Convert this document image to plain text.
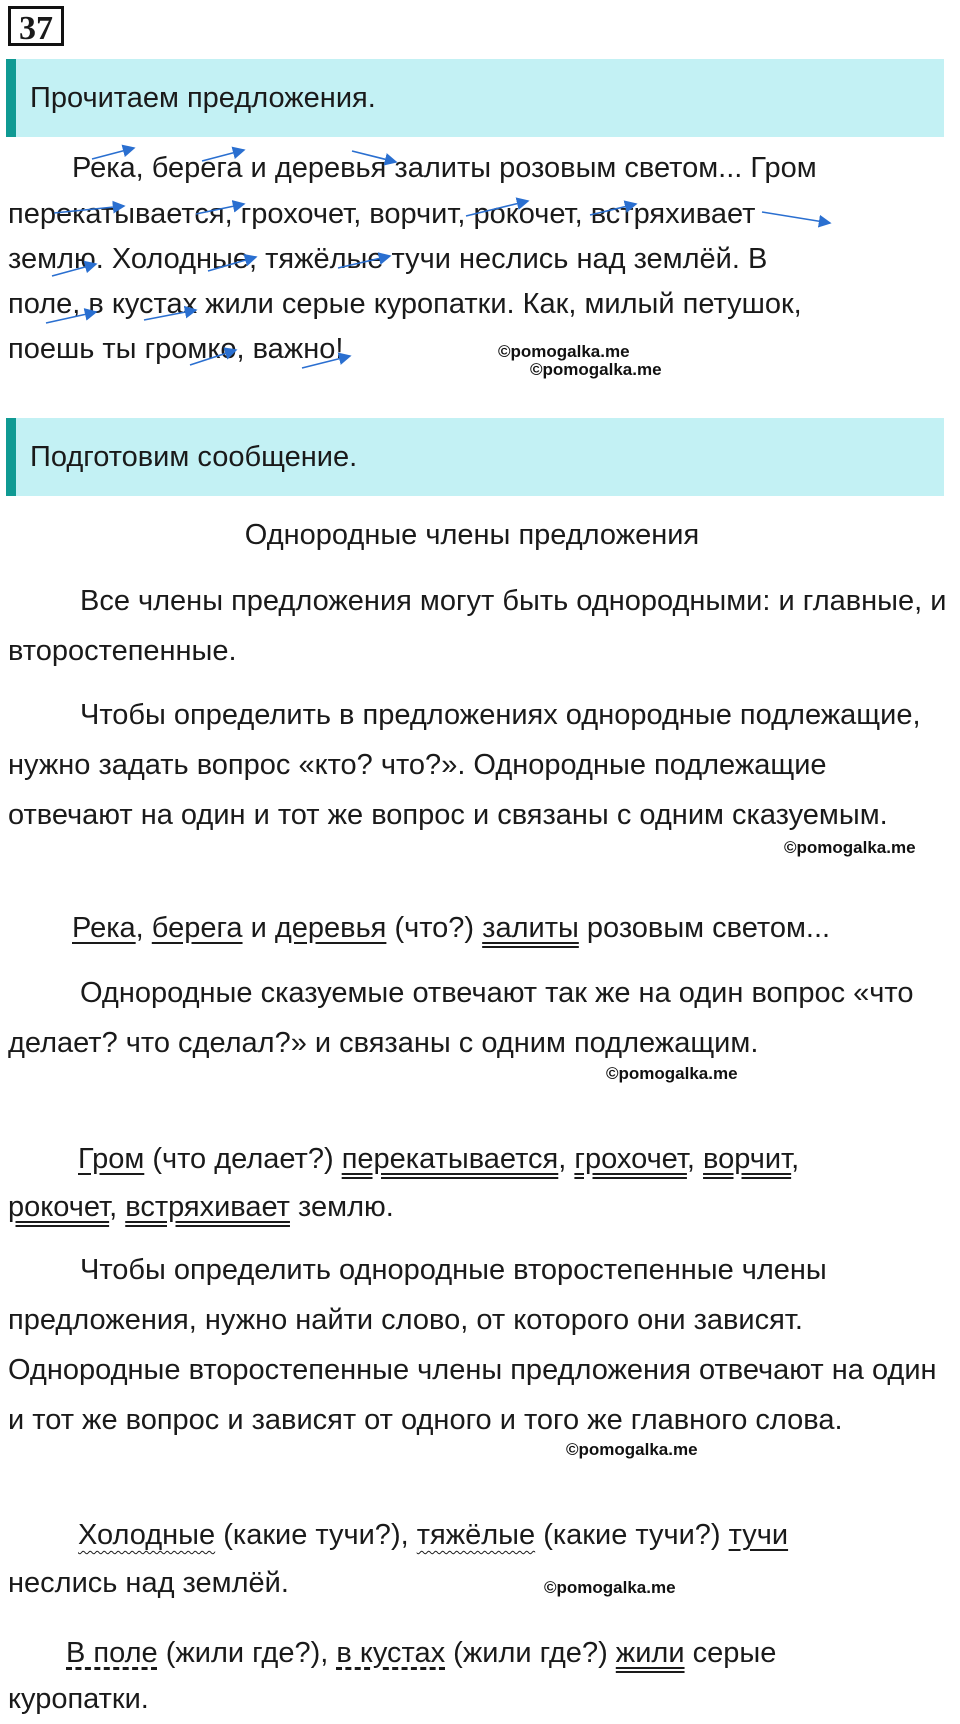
37
Прочитаем предложения.
Река, берега и деревья залиты розовым светом... Гром
перекатывается, грохочет, ворчит, рокочет, встряхивает
землю. Холодные, тяжёлые тучи неслись над землёй. В
поле, в кустах жили серые куропатки. Как, милый петушок,
поешь ты громко, важно!	©pomogalka.me
©pomogalka.me
Подготовим сообщение.
Однородные члены предложения

Все члены предложения могут быть однородными: и главные, и второстепенные.

Чтобы определить в предложениях однородные подлежащие, нужно задать вопрос «кто? что?». Однородные подлежащие отвечают на один и тот же вопрос и связаны с одним сказуемым.

©pomogalka.me
Река, берега и деревья (что?) залиты розовым светом...

Однородные сказуемые отвечают так же на один вопрос «что делает? что сделал?» и связаны с одним подлежащим.

©pomogalka.me
Гром (что делает?) перекатывается, грохочет, ворчит,
рокочет, встряхивает землю.

Чтобы определить однородные второстепенные члены предложения, нужно найти слово, от которого они зависят. Однородные второстепенные члены предложения отвечают на один и тот же вопрос и зависят от одного и того же главного слова.

©pomogalka.me
Холодные (какие тучи?), тяжёлые (какие тучи?) тучи
неслись над землёй.	©pomogalka.me
В поле (жили где?), в кустах (жили где?) жили серые
куропатки.
